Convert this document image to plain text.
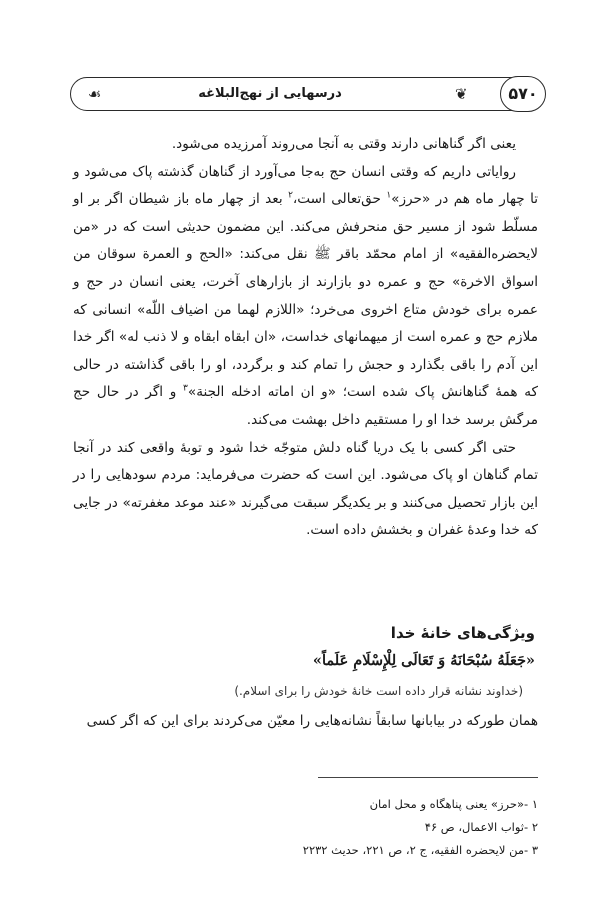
۵۷۰
❦
درسهایی از نهج‌البلاغه
☙

یعنی اگر گناهانی دارند وقتی به آنجا می‌روند آمرزیده می‌شود.

روایاتی داریم که وقتی انسان حج به‌جا می‌آورد از گناهان گذشته پاک می‌شود و تا چهار ماه هم در «حرز»$^۱$ حق‌تعالی است،$^۲$ بعد از چهار ماه باز شیطان اگر بر او مسلّط شود از مسیر حق منحرفش می‌کند. این مضمون حدیثی است که در «من لایحضره‌الفقیه» از امام محمّد باقر ﷺ نقل می‌کند: «الحج و العمرة سوقان من اسواق الاخرة» حج و عمره دو بازارند از بازارهای آخرت، یعنی انسان در حج و عمره برای خودش متاع اخروی می‌خرد؛ «اللازم لهما من اضیاف اللّه» انسانی که ملازم حج و عمره است از میهمانهای خداست، «ان ابقاه ابقاه و لا ذنب له» اگر خدا این آدم را باقی بگذارد و حجش را تمام کند و برگردد، او را باقی گذاشته در حالی که همهٔ گناهانش پاک شده است؛ «و ان اماته ادخله الجنة»$^۳$ و اگر در حال حج مرگش برسد خدا او را مستقیم داخل بهشت می‌کند.

حتی اگر کسی با یک دریا گناه دلش متوجّه خدا شود و توبهٔ واقعی کند در آنجا تمام گناهان او پاک می‌شود. این است که حضرت می‌فرماید: مردم سودهایی را در این بازار تحصیل می‌کنند و بر یکدیگر سبقت می‌گیرند «عند موعد مغفرته» در جایی که خدا وعدهٔ غفران و بخشش داده است.

ویژگی‌های خانهٔ خدا
«جَعَلَهُ سُبْحَانَهُ وَ تَعَالَی لِلْإِسْلَامِ عَلَماً»
(خداوند نشانه قرار داده است خانهٔ خودش را برای اسلام.)
همان طورکه در بیابانها سابقاً نشانه‌هایی را معیّن می‌کردند برای این که اگر کسی
۱ -«حرز» یعنی پناهگاه و محل امان
۲ -ثواب الاعمال، ص ۴۶
۳ -من لایحضره الفقیه، ج ۲، ص ۲۲۱، حدیث ۲۲۳۲
